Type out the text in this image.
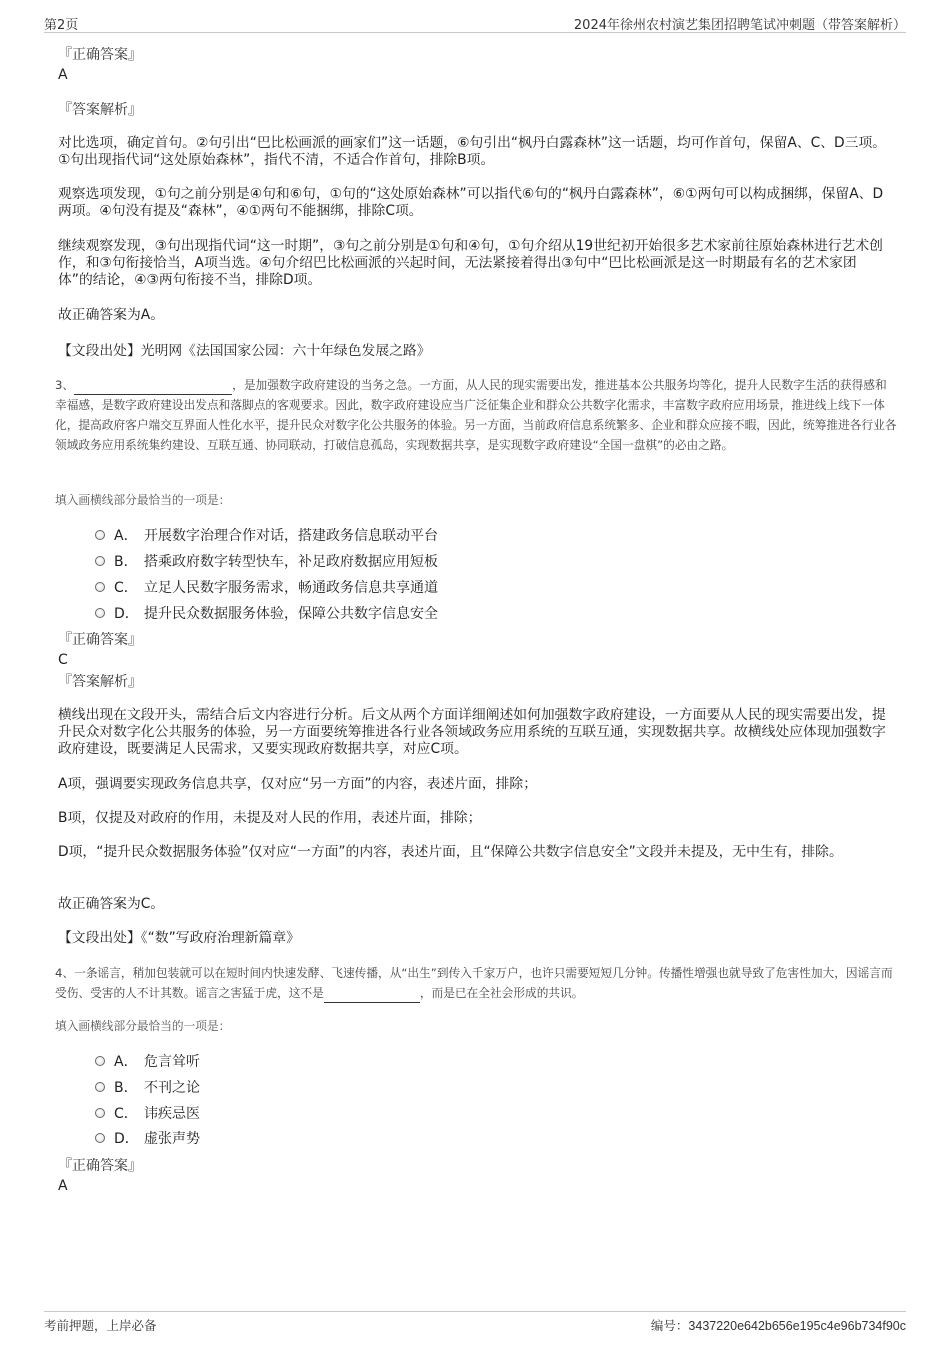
第2页	2024年徐州农村演艺集团招聘笔试冲刺题（带答案解析）

『正确答案』

A

『答案解析』

对比选项，确定首句。②句引出“巴比松画派的画家们”这一话题，⑥句引出“枫丹白露森林”这一话题，均可作首句，保留A、C、D三项。①句出现指代词“这处原始森林”，指代不清，不适合作首句，排除B项。

观察选项发现，①句之前分别是④句和⑥句，①句的“这处原始森林”可以指代⑥句的“枫丹白露森林”，⑥①两句可以构成捆绑，保留A、D两项。④句没有提及“森林”，④①两句不能捆绑，排除C项。

继续观察发现，③句出现指代词“这一时期”，③句之前分别是①句和④句，①句介绍从19世纪初开始很多艺术家前往原始森林进行艺术创作，和③句衔接恰当，A项当选。④句介绍巴比松画派的兴起时间，无法紧接着得出③句中“巴比松画派是这一时期最有名的艺术家团体”的结论，④③两句衔接不当，排除D项。

故正确答案为A。

【文段出处】光明网《法国国家公园：六十年绿色发展之路》

3、	，是加强数字政府建设的当务之急。一方面，从人民的现实需要出发，推进基本公共服务均等化，提升人民数字生活的获得感和幸福感，是数字政府建设出发点和落脚点的客观要求。因此，数字政府建设应当广泛征集企业和群众公共数字化需求，丰富数字政府应用场景，推进线上线下一体化，提高政府客户端交互界面人性化水平，提升民众对数字化公共服务的体验。另一方面，当前政府信息系统繁多、企业和群众应接不暇，因此，统筹推进各行业各领域政务应用系统集约建设、互联互通、协同联动，打破信息孤岛，实现数据共享，是实现数字政府建设“全国一盘棋”的必由之路。

填入画横线部分最恰当的一项是：

A． 开展数字治理合作对话，搭建政务信息联动平台
B． 搭乘政府数字转型快车，补足政府数据应用短板
C． 立足人民数字服务需求，畅通政务信息共享通道
D． 提升民众数据服务体验，保障公共数字信息安全

『正确答案』

C

『答案解析』

横线出现在文段开头，需结合后文内容进行分析。后文从两个方面详细阐述如何加强数字政府建设，一方面要从人民的现实需要出发，提升民众对数字化公共服务的体验，另一方面要统筹推进各行业各领域政务应用系统的互联互通，实现数据共享。故横线处应体现加强数字政府建设，既要满足人民需求，又要实现政府数据共享，对应C项。

A项，强调要实现政务信息共享，仅对应“另一方面”的内容，表述片面，排除；

B项，仅提及对政府的作用，未提及对人民的作用，表述片面，排除；

D项，“提升民众数据服务体验”仅对应“一方面”的内容，表述片面，且“保障公共数字信息安全”文段并未提及，无中生有，排除。

故正确答案为C。

【文段出处】《“数”写政府治理新篇章》

4、一条谣言，稍加包装就可以在短时间内快速发酵、飞速传播，从“出生”到传入千家万户，也许只需要短短几分钟。传播性增强也就导致了危害性加大，因谣言而受伤、受害的人不计其数。谣言之害猛于虎，这不是	，而是已在全社会形成的共识。

填入画横线部分最恰当的一项是：

A． 危言耸听
B． 不刊之论
C． 讳疾忌医
D． 虚张声势

『正确答案』

A

考前押题，上岸必备	编号：3437220e642b656e195c4e96b734f90c
